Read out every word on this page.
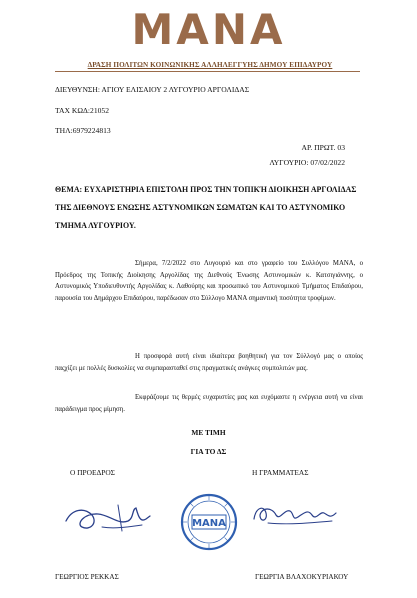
MANA
ΔΡΑΣΗ ΠΟΛΙΤΩΝ ΚΟΙΝΩΝΙΚΗΣ ΑΛΛΗΛΕΓΓΥΗΣ ΔΗΜΟΥ ΕΠΙΔΑΥΡΟΥ
ΔΙΕΥΘΥΝΣΗ: ΑΓΙΟΥ ΕΛΙΣΑΙΟΥ 2 ΛΥΓΟΥΡΙΟ ΑΡΓΟΛΙΔΑΣ
ΤΑΧ ΚΩΔ:21052
ΤΗΛ:6979224813
ΑΡ. ΠΡΩΤ. 03
ΛΥΓΟΥΡΙΟ: 07/02/2022
ΘΕΜΑ: ΕΥΧΑΡΙΣΤΗΡΙΑ ΕΠΙΣΤΟΛΗ ΠΡΟΣ ΤΗΝ ΤΟΠΙΚΉ ΔΙΟΙΚΗΣΗ ΑΡΓΟΛΙΔΑΣ ΤΗΣ ΔΙΕΘΝΟΥΣ ΕΝΩΣΗΣ ΑΣΤΥΝΟΜΙΚΩΝ ΣΩΜΑΤΩΝ ΚΑΙ ΤΟ ΑΣΤΥΝΟΜΙΚΟ ΤΜΗΜΑ ΛΥΓΟΥΡΙΟΥ.
Σήμερα, 7/2/2022 στο Λυγουριό και στο γραφείο του Συλλόγου ΜΑΝΑ, ο Πρόεδρος της Τοπικής Διοίκησης Αργολίδας της Διεθνούς Ένωσης Αστυνομικών κ. Κατσιγιάννης, ο Αστυνομικός Υποδιευθυντής Αργολίδας κ. Λαθούρης και προσωπικό του Αστυνομικού Τμήματος Επιδαύρου, παρουσία του Δημάρχου Επιδαύρου, παρέδωσαν στο Σύλλογο ΜΑΝΑ σημαντική ποσότητα τροφίμων.
Η προσφορά αυτή είναι ιδιαίτερα βοηθητική για τον Σύλλογό μας ο οποίος παςχίζει με πολλές δυσκολίες να συμπαρασταθεί στις πραγματικές ανάγκες συμπολιτών μας.
Εκφράζουμε τις θερμές ευχαριστίες μας και ευχόμαστε η ενέργεια αυτή να είναι παράδειγμα προς μίμηση.
ΜΕ ΤΙΜΗ
ΓΙΑ ΤΟ ΔΣ
Ο ΠΡΟΕΔΡΟΣ	Η ΓΡΑΜΜΑΤΕΑΣ
MANA
ΓΕΩΡΓΙΟΣ ΡΕΚΚΑΣ	ΓΕΩΡΓΙΑ ΒΛΑΧΟΚΥΡΙΑΚΟΥ
